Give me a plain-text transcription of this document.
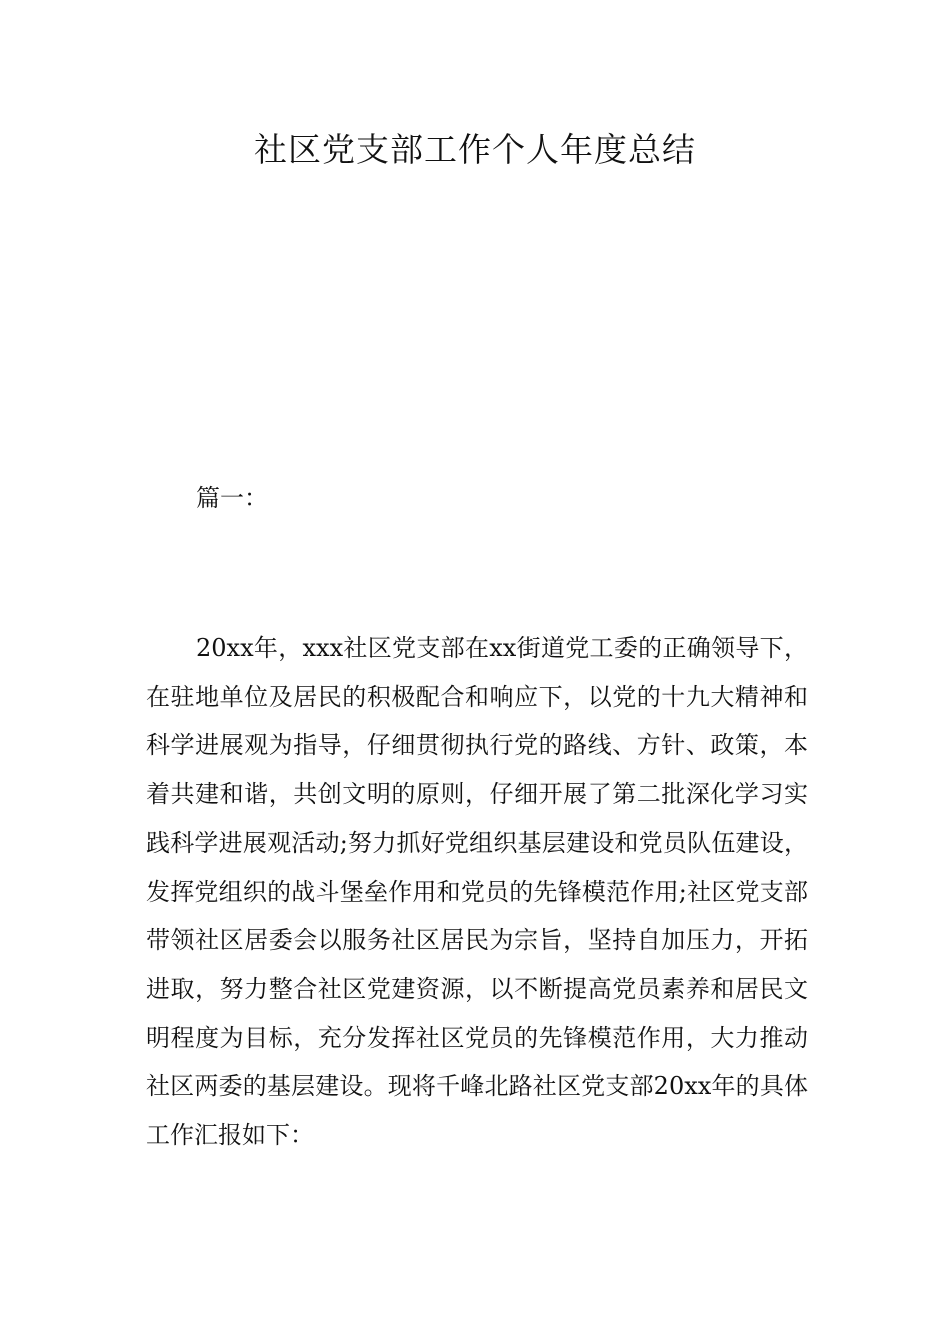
社区党支部工作个人年度总结

篇一：

20xx年，xxx社区党支部在xx街道党工委的正确领导下，在驻地单位及居民的积极配合和响应下，以党的十九大精神和科学进展观为指导，仔细贯彻执行党的路线、方针、政策，本着共建和谐，共创文明的原则，仔细开展了第二批深化学习实践科学进展观活动;努力抓好党组织基层建设和党员队伍建设，发挥党组织的战斗堡垒作用和党员的先锋模范作用;社区党支部带领社区居委会以服务社区居民为宗旨，坚持自加压力，开拓进取，努力整合社区党建资源，以不断提高党员素养和居民文明程度为目标，充分发挥社区党员的先锋模范作用，大力推动社区两委的基层建设。现将千峰北路社区党支部20xx年的具体工作汇报如下：
